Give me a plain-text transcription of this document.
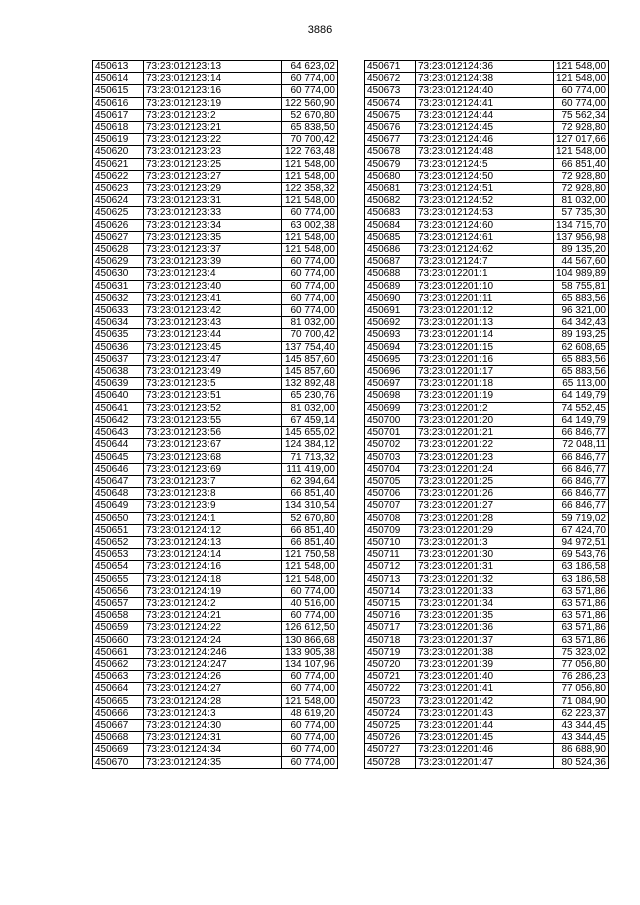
3886
450613	73:23:012123:13	64 623,02
450614	73:23:012123:14	60 774,00
450615	73:23:012123:16	60 774,00
450616	73:23:012123:19	122 560,90
450617	73:23:012123:2	52 670,80
450618	73:23:012123:21	65 838,50
450619	73:23:012123:22	70 700,42
450620	73:23:012123:23	122 763,48
450621	73:23:012123:25	121 548,00
450622	73:23:012123:27	121 548,00
450623	73:23:012123:29	122 358,32
450624	73:23:012123:31	121 548,00
450625	73:23:012123:33	60 774,00
450626	73:23:012123:34	63 002,38
450627	73:23:012123:35	121 548,00
450628	73:23:012123:37	121 548,00
450629	73:23:012123:39	60 774,00
450630	73:23:012123:4	60 774,00
450631	73:23:012123:40	60 774,00
450632	73:23:012123:41	60 774,00
450633	73:23:012123:42	60 774,00
450634	73:23:012123:43	81 032,00
450635	73:23:012123:44	70 700,42
450636	73:23:012123:45	137 754,40
450637	73:23:012123:47	145 857,60
450638	73:23:012123:49	145 857,60
450639	73:23:012123:5	132 892,48
450640	73:23:012123:51	65 230,76
450641	73:23:012123:52	81 032,00
450642	73:23:012123:55	67 459,14
450643	73:23:012123:56	145 655,02
450644	73:23:012123:67	124 384,12
450645	73:23:012123:68	71 713,32
450646	73:23:012123:69	111 419,00
450647	73:23:012123:7	62 394,64
450648	73:23:012123:8	66 851,40
450649	73:23:012123:9	134 310,54
450650	73:23:012124:1	52 670,80
450651	73:23:012124:12	66 851,40
450652	73:23:012124:13	66 851,40
450653	73:23:012124:14	121 750,58
450654	73:23:012124:16	121 548,00
450655	73:23:012124:18	121 548,00
450656	73:23:012124:19	60 774,00
450657	73:23:012124:2	40 516,00
450658	73:23:012124:21	60 774,00
450659	73:23:012124:22	126 612,50
450660	73:23:012124:24	130 866,68
450661	73:23:012124:246	133 905,38
450662	73:23:012124:247	134 107,96
450663	73:23:012124:26	60 774,00
450664	73:23:012124:27	60 774,00
450665	73:23:012124:28	121 548,00
450666	73:23:012124:3	48 619,20
450667	73:23:012124:30	60 774,00
450668	73:23:012124:31	60 774,00
450669	73:23:012124:34	60 774,00
450670	73:23:012124:35	60 774,00
450671	73:23:012124:36	121 548,00
450672	73:23:012124:38	121 548,00
450673	73:23:012124:40	60 774,00
450674	73:23:012124:41	60 774,00
450675	73:23:012124:44	75 562,34
450676	73:23:012124:45	72 928,80
450677	73:23:012124:46	127 017,66
450678	73:23:012124:48	121 548,00
450679	73:23:012124:5	66 851,40
450680	73:23:012124:50	72 928,80
450681	73:23:012124:51	72 928,80
450682	73:23:012124:52	81 032,00
450683	73:23:012124:53	57 735,30
450684	73:23:012124:60	134 715,70
450685	73:23:012124:61	137 956,98
450686	73:23:012124:62	89 135,20
450687	73:23:012124:7	44 567,60
450688	73:23:012201:1	104 989,89
450689	73:23:012201:10	58 755,81
450690	73:23:012201:11	65 883,56
450691	73:23:012201:12	96 321,00
450692	73:23:012201:13	64 342,43
450693	73:23:012201:14	89 193,25
450694	73:23:012201:15	62 608,65
450695	73:23:012201:16	65 883,56
450696	73:23:012201:17	65 883,56
450697	73:23:012201:18	65 113,00
450698	73:23:012201:19	64 149,79
450699	73:23:012201:2	74 552,45
450700	73:23:012201:20	64 149,79
450701	73:23:012201:21	66 846,77
450702	73:23:012201:22	72 048,11
450703	73:23:012201:23	66 846,77
450704	73:23:012201:24	66 846,77
450705	73:23:012201:25	66 846,77
450706	73:23:012201:26	66 846,77
450707	73:23:012201:27	66 846,77
450708	73:23:012201:28	59 719,02
450709	73:23:012201:29	67 424,70
450710	73:23:012201:3	94 972,51
450711	73:23:012201:30	69 543,76
450712	73:23:012201:31	63 186,58
450713	73:23:012201:32	63 186,58
450714	73:23:012201:33	63 571,86
450715	73:23:012201:34	63 571,86
450716	73:23:012201:35	63 571,86
450717	73:23:012201:36	63 571,86
450718	73:23:012201:37	63 571,86
450719	73:23:012201:38	75 323,02
450720	73:23:012201:39	77 056,80
450721	73:23:012201:40	76 286,23
450722	73:23:012201:41	77 056,80
450723	73:23:012201:42	71 084,90
450724	73:23:012201:43	62 223,37
450725	73:23:012201:44	43 344,45
450726	73:23:012201:45	43 344,45
450727	73:23:012201:46	86 688,90
450728	73:23:012201:47	80 524,36
